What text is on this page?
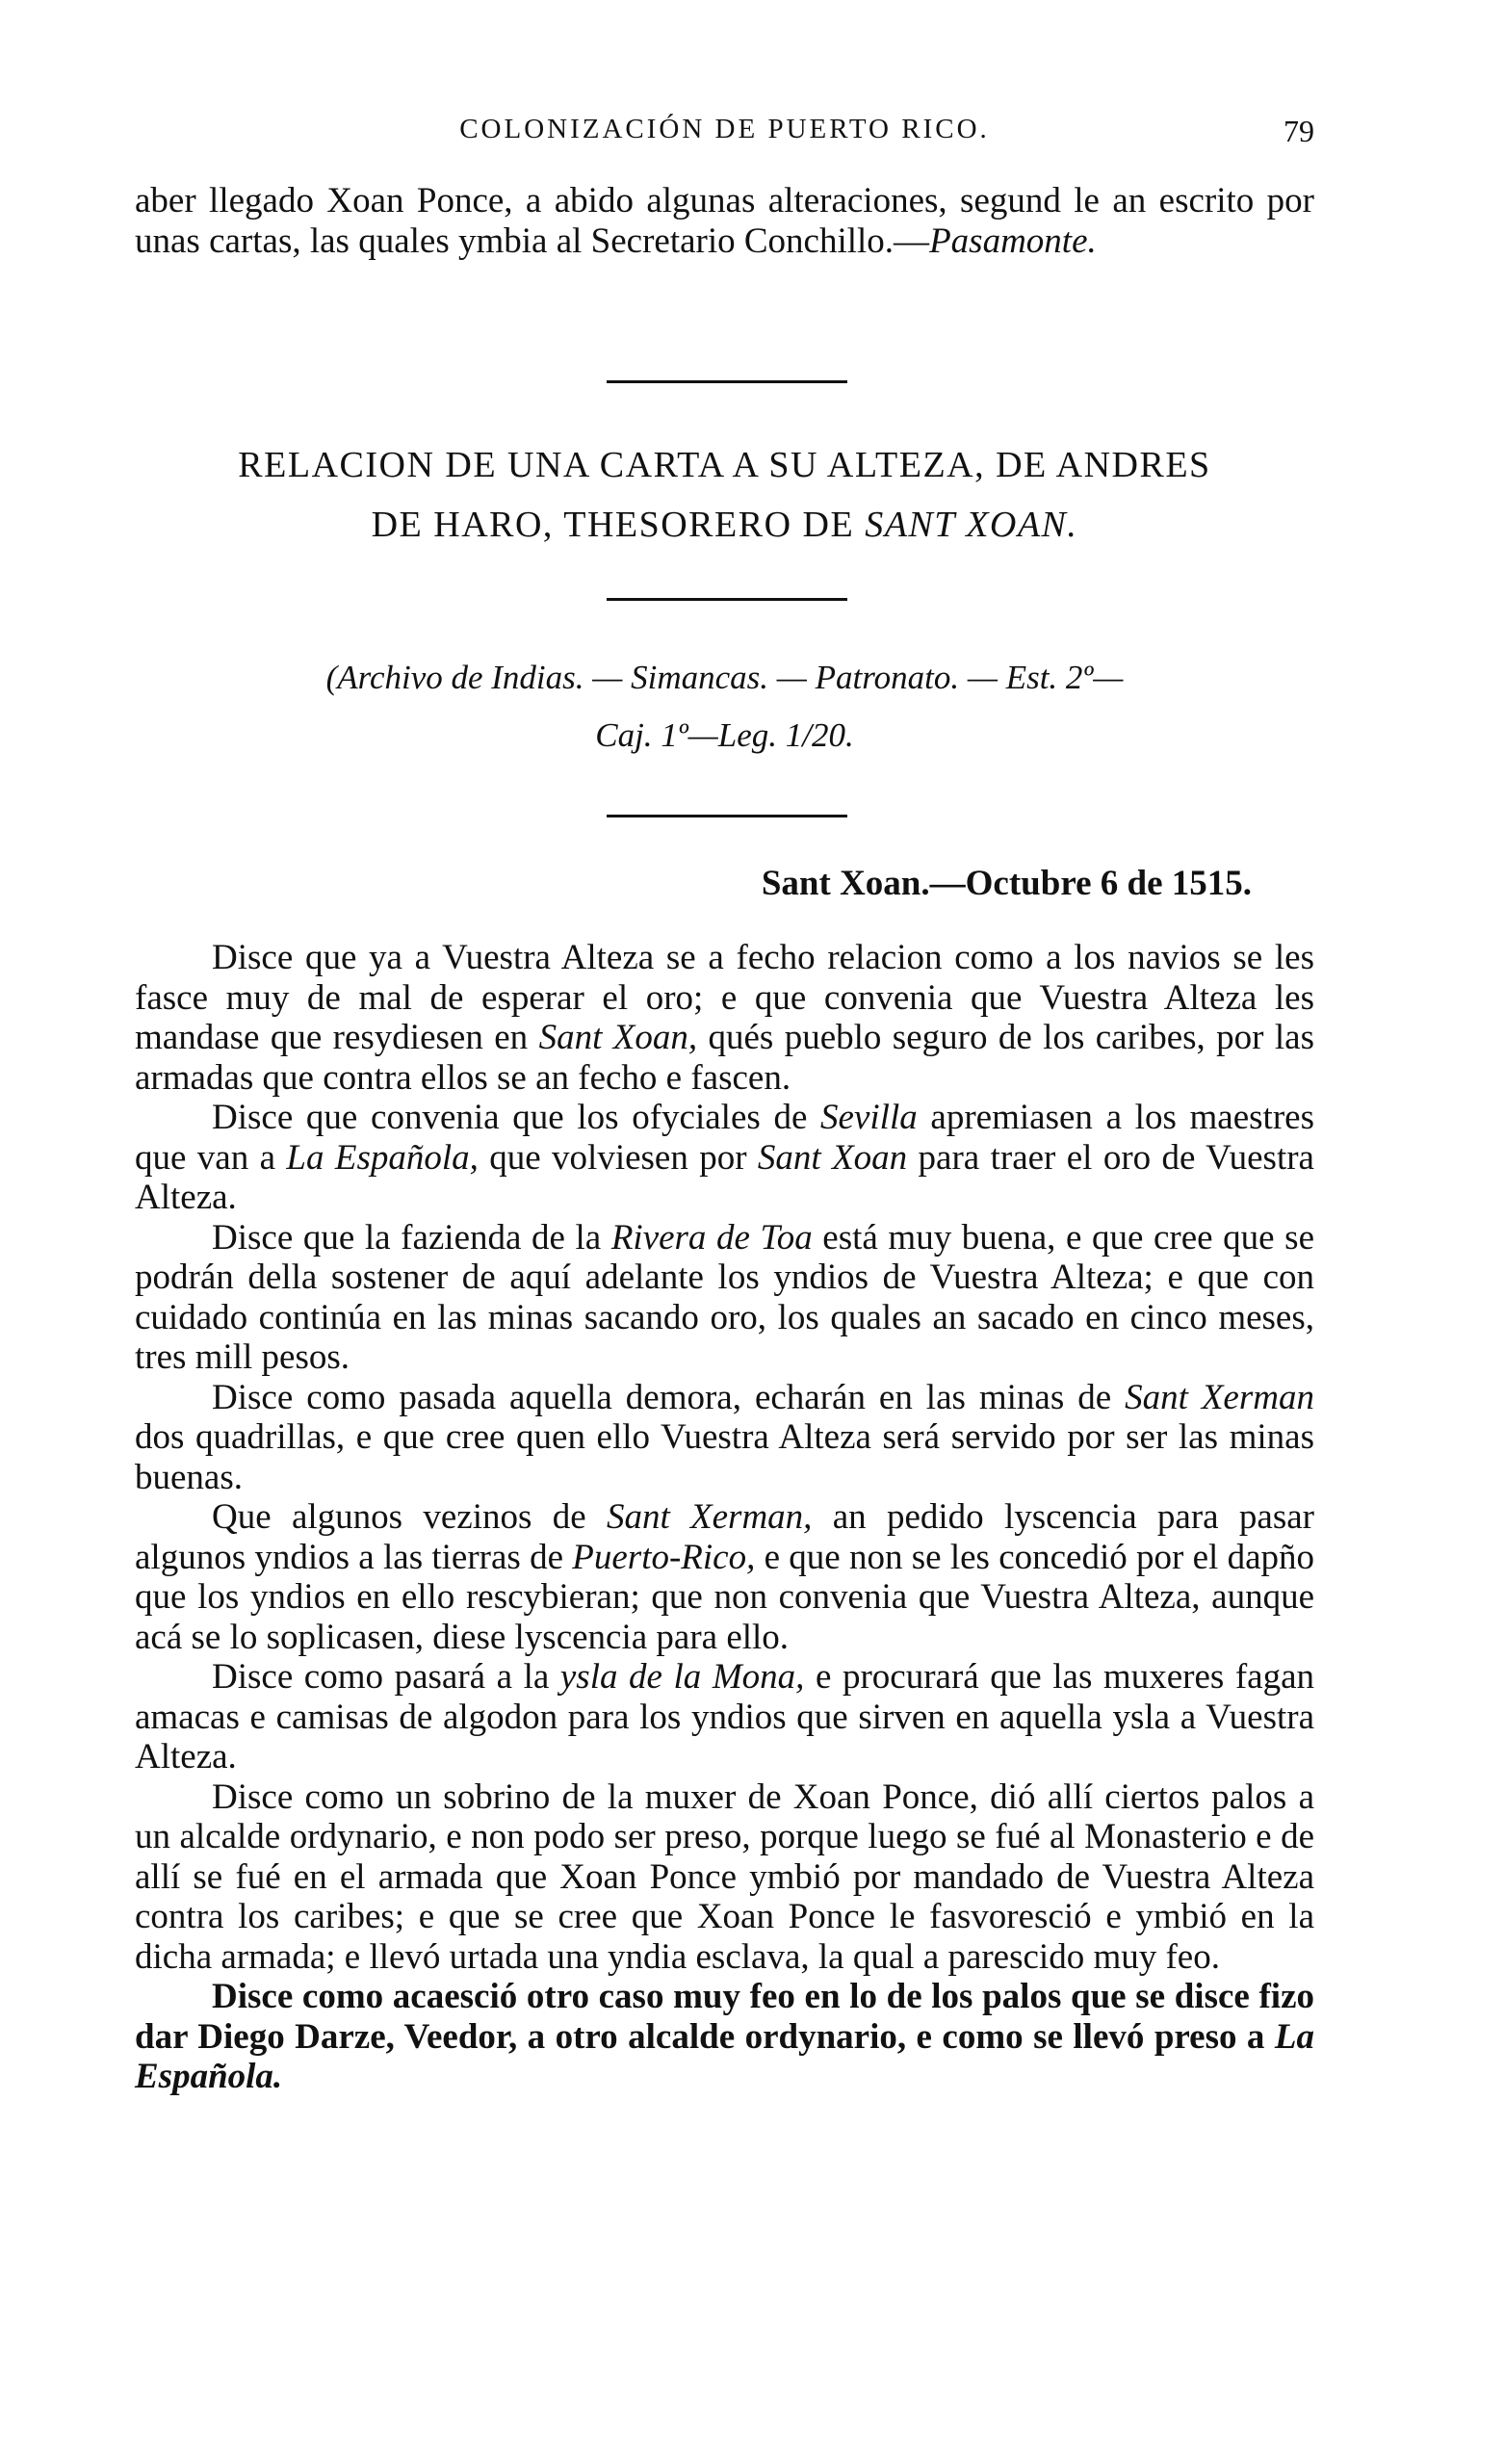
COLONIZACIÓN DE PUERTO RICO.	79
aber llegado Xoan Ponce, a abido algunas alteraciones, segund le an escrito por unas cartas, las quales ymbia al Secretario Conchillo.—Pasamonte.
RELACION DE UNA CARTA A SU ALTEZA, DE ANDRES
DE HARO, THESORERO DE SANT XOAN.
(Archivo de Indias. — Simancas. — Patronato. — Est. 2º—
Caj. 1º—Leg. 1/20.
Sant Xoan.—Octubre 6 de 1515.

Disce que ya a Vuestra Alteza se a fecho relacion como a los navios se les fasce muy de mal de esperar el oro; e que convenia que Vuestra Alteza les mandase que resydiesen en Sant Xoan, qués pueblo seguro de los caribes, por las armadas que contra ellos se an fecho e fascen.

Disce que convenia que los ofyciales de Sevilla apremiasen a los maestres que van a La Española, que volviesen por Sant Xoan para traer el oro de Vuestra Alteza.

Disce que la fazienda de la Rivera de Toa está muy buena, e que cree que se podrán della sostener de aquí adelante los yndios de Vuestra Alteza; e que con cuidado continúa en las minas sacando oro, los quales an sacado en cinco meses, tres mill pesos.

Disce como pasada aquella demora, echarán en las minas de Sant Xerman dos quadrillas, e que cree quen ello Vuestra Alteza será servido por ser las minas buenas.

Que algunos vezinos de Sant Xerman, an pedido lyscencia para pasar algunos yndios a las tierras de Puerto-Rico, e que non se les concedió por el dapño que los yndios en ello rescybieran; que non convenia que Vuestra Alteza, aunque acá se lo soplicasen, diese lyscencia para ello.

Disce como pasará a la ysla de la Mona, e procurará que las muxeres fagan amacas e camisas de algodon para los yndios que sirven en aquella ysla a Vuestra Alteza.

Disce como un sobrino de la muxer de Xoan Ponce, dió allí ciertos palos a un alcalde ordynario, e non podo ser preso, porque luego se fué al Monasterio e de allí se fué en el armada que Xoan Ponce ymbió por mandado de Vuestra Alteza contra los caribes; e que se cree que Xoan Ponce le fasvoresció e ymbió en la dicha armada; e llevó urtada una yndia esclava, la qual a parescido muy feo.

Disce como acaesció otro caso muy feo en lo de los palos que se disce fizo dar Diego Darze, Veedor, a otro alcalde ordynario, e como se llevó preso a La Española.
